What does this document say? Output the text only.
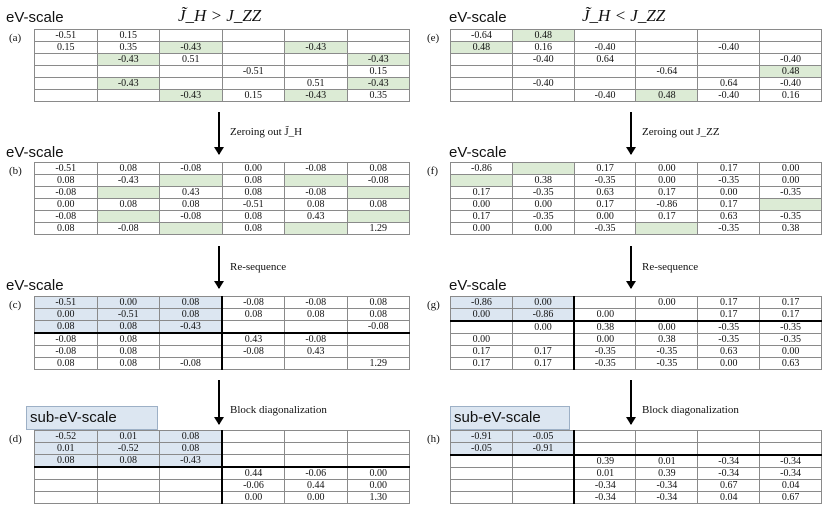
J̃_H > J_ZZ	J̃_H < J_ZZ
eV-scale	eV-scale
eV-scale	eV-scale
eV-scale	eV-scale
sub-eV-scale	sub-eV-scale
(a)
(b)
(c)
(d)
(e)
(f)
(g)
(h)
Zeroing out J̃_H
Re-sequence
Block diagonalization
Zeroing out J_ZZ
Re-sequence
Block diagonalization
-0.51	0.15				
0.15	0.35	-0.43		-0.43	
	-0.43	0.51			-0.43
			-0.51		0.15
	-0.43			0.51	-0.43
		-0.43	0.15	-0.43	0.35
-0.51	0.08	-0.08	0.00	-0.08	0.08
0.08	-0.43		0.08		-0.08
-0.08		0.43	0.08	-0.08	
0.00	0.08	0.08	-0.51	0.08	0.08
-0.08		-0.08	0.08	0.43	
0.08	-0.08		0.08		1.29
-0.51	0.00	0.08	-0.08	-0.08	0.08
0.00	-0.51	0.08	0.08	0.08	0.08
0.08	0.08	-0.43			-0.08
-0.08	0.08		0.43	-0.08	
-0.08	0.08		-0.08	0.43	
0.08	0.08	-0.08			1.29
-0.52	0.01	0.08			
0.01	-0.52	0.08			
0.08	0.08	-0.43			
			0.44	-0.06	0.00
			-0.06	0.44	0.00
			0.00	0.00	1.30
-0.64	0.48				
0.48	0.16	-0.40		-0.40	
	-0.40	0.64			-0.40
			-0.64		0.48
	-0.40			0.64	-0.40
		-0.40	0.48	-0.40	0.16
-0.86		0.17	0.00	0.17	0.00
	0.38	-0.35	0.00	-0.35	0.00
0.17	-0.35	0.63	0.17	0.00	-0.35
0.00	0.00	0.17	-0.86	0.17	
0.17	-0.35	0.00	0.17	0.63	-0.35
0.00	0.00	-0.35		-0.35	0.38
-0.86	0.00		0.00	0.17	0.17
0.00	-0.86	0.00		0.17	0.17
	0.00	0.38	0.00	-0.35	-0.35
0.00		0.00	0.38	-0.35	-0.35
0.17	0.17	-0.35	-0.35	0.63	0.00
0.17	0.17	-0.35	-0.35	0.00	0.63
-0.91	-0.05				
-0.05	-0.91				
		0.39	0.01	-0.34	-0.34
		0.01	0.39	-0.34	-0.34
		-0.34	-0.34	0.67	0.04
		-0.34	-0.34	0.04	0.67
